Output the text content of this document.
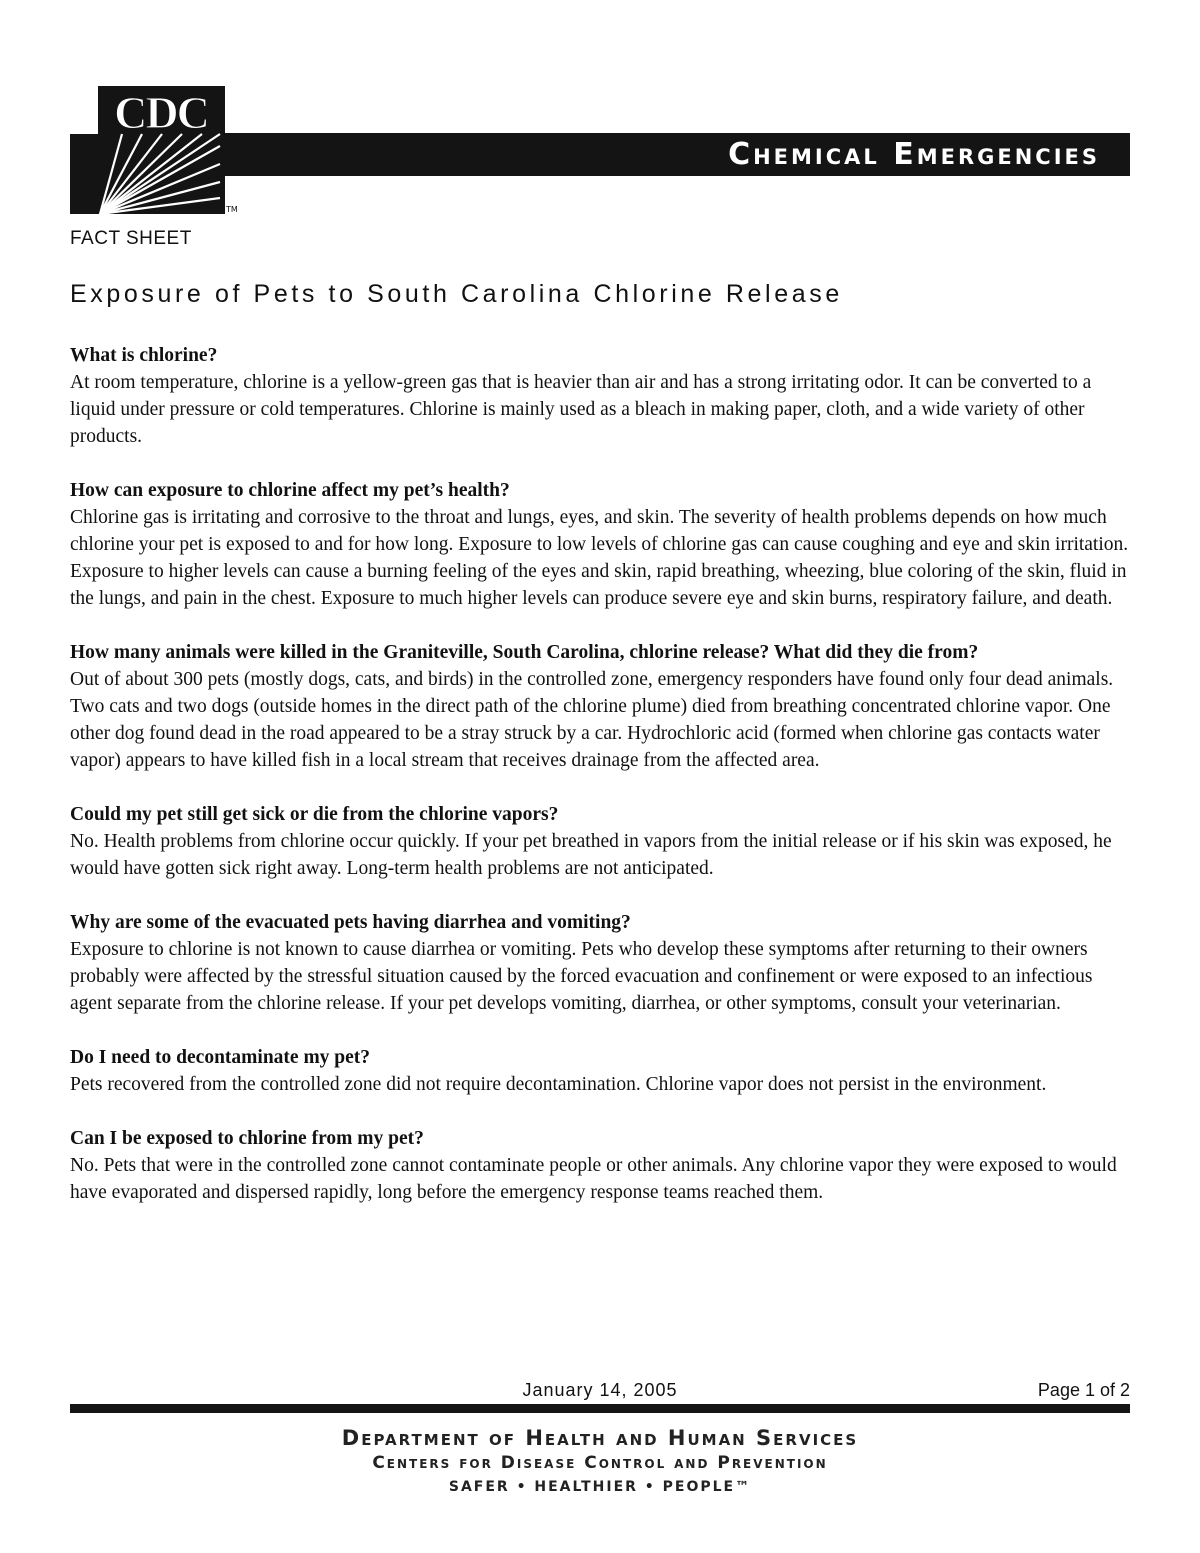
CDC
TM
Chemical Emergencies
FACT SHEET
Exposure of Pets to South Carolina Chlorine Release

What is chlorine?

At room temperature, chlorine is a yellow-green gas that is heavier than air and has a strong irritating odor. It can be converted to a liquid under pressure or cold temperatures. Chlorine is mainly used as a bleach in making paper, cloth, and a wide variety of other products.

How can exposure to chlorine affect my pet’s health?

Chlorine gas is irritating and corrosive to the throat and lungs, eyes, and skin. The severity of health problems depends on how much chlorine your pet is exposed to and for how long. Exposure to low levels of chlorine gas can cause coughing and eye and skin irritation. Exposure to higher levels can cause a burning feeling of the eyes and skin, rapid breathing, wheezing, blue coloring of the skin, fluid in the lungs, and pain in the chest. Exposure to much higher levels can produce severe eye and skin burns, respiratory failure, and death.

How many animals were killed in the Graniteville, South Carolina, chlorine release? What did they die from?

Out of about 300 pets (mostly dogs, cats, and birds) in the controlled zone, emergency responders have found only four dead animals. Two cats and two dogs (outside homes in the direct path of the chlorine plume) died from breathing concentrated chlorine vapor. One other dog found dead in the road appeared to be a stray struck by a car. Hydrochloric acid (formed when chlorine gas contacts water vapor) appears to have killed fish in a local stream that receives drainage from the affected area.

Could my pet still get sick or die from the chlorine vapors?

No. Health problems from chlorine occur quickly. If your pet breathed in vapors from the initial release or if his skin was exposed, he would have gotten sick right away. Long-term health problems are not anticipated.

Why are some of the evacuated pets having diarrhea and vomiting?

Exposure to chlorine is not known to cause diarrhea or vomiting. Pets who develop these symptoms after returning to their owners probably were affected by the stressful situation caused by the forced evacuation and confinement or were exposed to an infectious agent separate from the chlorine release. If your pet develops vomiting, diarrhea, or other symptoms, consult your veterinarian.

Do I need to decontaminate my pet?

Pets recovered from the controlled zone did not require decontamination. Chlorine vapor does not persist in the environment.

Can I be exposed to chlorine from my pet?

No. Pets that were in the controlled zone cannot contaminate people or other animals. Any chlorine vapor they were exposed to would have evaporated and dispersed rapidly, long before the emergency response teams reached them.

January 14, 2005	Page 1 of 2
Department of Health and Human Services
Centers for Disease Control and Prevention
SAFER • HEALTHIER • PEOPLE™
